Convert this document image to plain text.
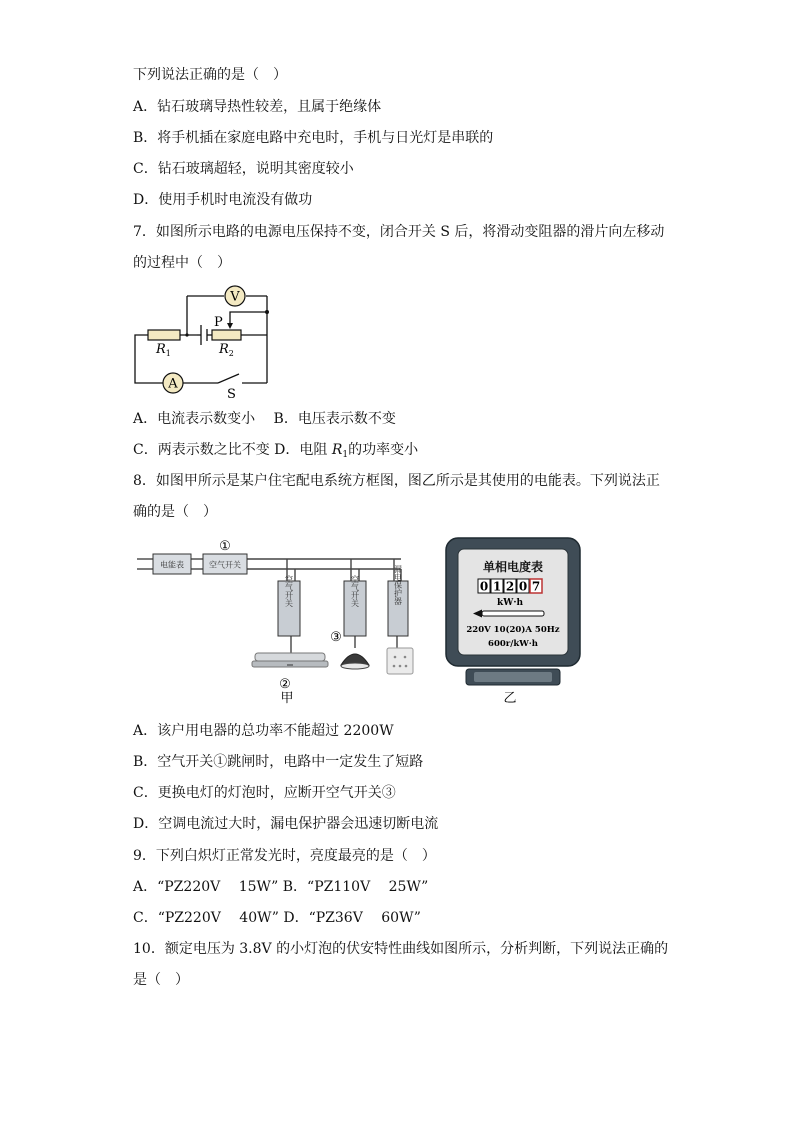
下列说法正确的是（　）
A．钻石玻璃导热性较差，且属于绝缘体
B．将手机插在家庭电路中充电时，手机与日光灯是串联的
C．钻石玻璃超轻，说明其密度较小
D．使用手机时电流没有做功
7．如图所示电路的电源电压保持不变，闭合开关 S 后，将滑动变阻器的滑片向左移动
的过程中（　）
V
A
P
$R_1$	$R_2$
S
A．电流表示数变小　 B．电压表示数不变
C．两表示数之比不变 D．电阻 $R_1$的功率变小
8．如图甲所示是某户住宅配电系统方框图，图乙所示是其使用的电能表。下列说法正
确的是（　）
电能表	空气开关
①
空气开关	空气开关	漏电保护器
②
③
甲
单相电度表
0 1 2 0 7
kW·h
220V 10(20)A 50Hz
600r/kW·h
乙
A．该户用电器的总功率不能超过 2200W
B．空气开关①跳闸时，电路中一定发生了短路
C．更换电灯的灯泡时，应断开空气开关③
D．空调电流过大时，漏电保护器会迅速切断电流
9．下列白炽灯正常发光时，亮度最亮的是（　）
A．“PZ220V　 15W” B．“PZ110V　 25W”
C．“PZ220V　 40W” D．“PZ36V　 60W”
10．额定电压为 3.8V 的小灯泡的伏安特性曲线如图所示，分析判断，下列说法正确的
是（　）
